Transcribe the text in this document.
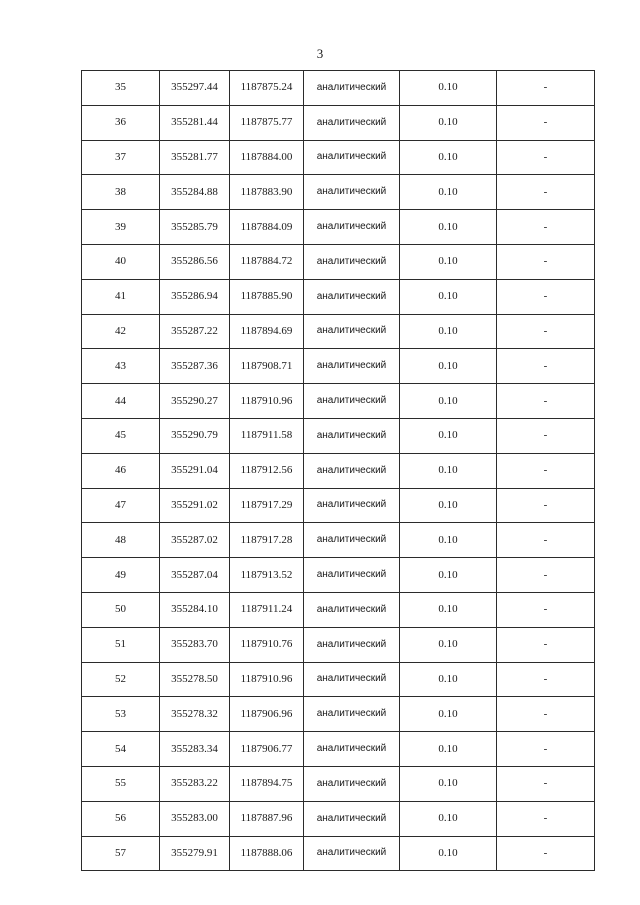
3
35	355297.44	1187875.24	аналитический	0.10	-
36	355281.44	1187875.77	аналитический	0.10	-
37	355281.77	1187884.00	аналитический	0.10	-
38	355284.88	1187883.90	аналитический	0.10	-
39	355285.79	1187884.09	аналитический	0.10	-
40	355286.56	1187884.72	аналитический	0.10	-
41	355286.94	1187885.90	аналитический	0.10	-
42	355287.22	1187894.69	аналитический	0.10	-
43	355287.36	1187908.71	аналитический	0.10	-
44	355290.27	1187910.96	аналитический	0.10	-
45	355290.79	1187911.58	аналитический	0.10	-
46	355291.04	1187912.56	аналитический	0.10	-
47	355291.02	1187917.29	аналитический	0.10	-
48	355287.02	1187917.28	аналитический	0.10	-
49	355287.04	1187913.52	аналитический	0.10	-
50	355284.10	1187911.24	аналитический	0.10	-
51	355283.70	1187910.76	аналитический	0.10	-
52	355278.50	1187910.96	аналитический	0.10	-
53	355278.32	1187906.96	аналитический	0.10	-
54	355283.34	1187906.77	аналитический	0.10	-
55	355283.22	1187894.75	аналитический	0.10	-
56	355283.00	1187887.96	аналитический	0.10	-
57	355279.91	1187888.06	аналитический	0.10	-
